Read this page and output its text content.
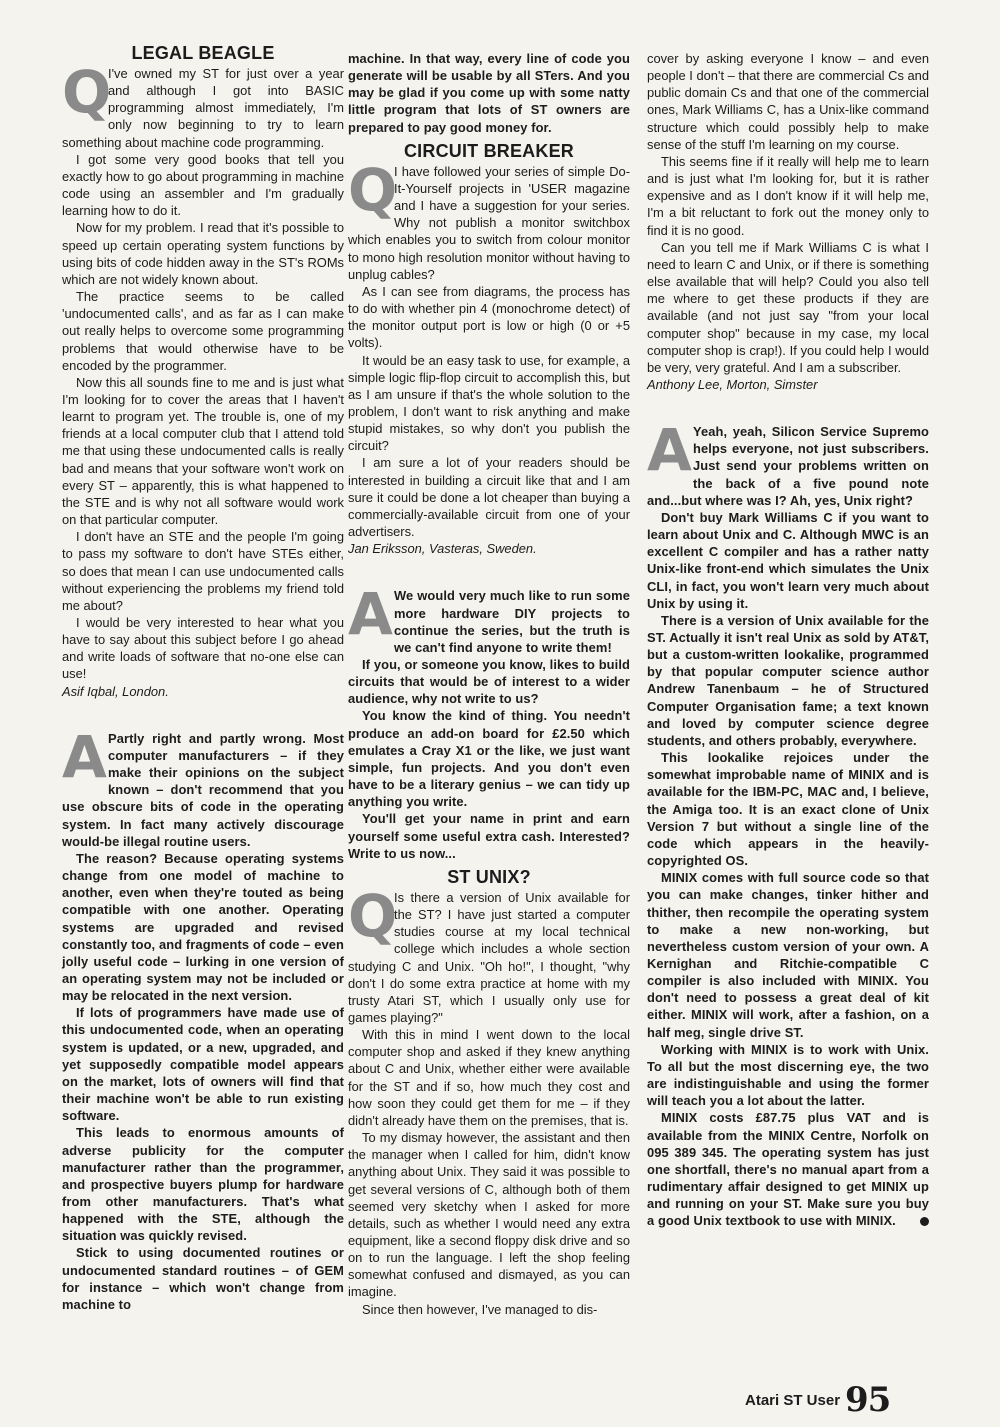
LEGAL BEAGLE
Q

I've owned my ST for just over a year and although I got into BASIC programming almost immediately, I'm only now beginning to try to learn something about machine code programming.

I got some very good books that tell you exactly how to go about programming in machine code using an assembler and I'm gradually learning how to do it.

Now for my problem. I read that it's possible to speed up certain operating system functions by using bits of code hidden away in the ST's ROMs which are not widely known about.

The practice seems to be called 'undocumented calls', and as far as I can make out really helps to overcome some programming problems that would otherwise have to be encoded by the programmer.

Now this all sounds fine to me and is just what I'm looking for to cover the areas that I haven't learnt to program yet. The trouble is, one of my friends at a local computer club that I attend told me that using these undocumented calls is really bad and means that your software won't work on every ST – apparently, this is what happened to the STE and is why not all software would work on that particular computer.

I don't have an STE and the people I'm going to pass my software to don't have STEs either, so does that mean I can use undocumented calls without experiencing the problems my friend told me about?

I would be very interested to hear what you have to say about this subject before I go ahead and write loads of software that no-one else can use!

Asif Iqbal, London.

A Partly right and partly wrong. Most computer manufacturers – if they make their opinions on the subject known – don't recommend that you use obscure bits of code in the operating system. In fact many actively discourage would-be illegal routine users.

The reason? Because operating systems change from one model of machine to another, even when they're touted as being compatible with one another. Operating systems are upgraded and revised constantly too, and fragments of code – even jolly useful code – lurking in one version of an operating system may not be included or may be relocated in the next version.

If lots of programmers have made use of this undocumented code, when an operating system is updated, or a new, upgraded, and yet supposedly compatible model appears on the market, lots of owners will find that their machine won't be able to run existing software.

This leads to enormous amounts of adverse publicity for the computer manufacturer rather than the programmer, and prospective buyers plump for hardware from other manufacturers. That's what happened with the STE, although the situation was quickly revised.

Stick to using documented routines or undocumented standard routines – of GEM for instance – which won't change from machine to

machine. In that way, every line of code you generate will be usable by all STers. And you may be glad if you come up with some natty little program that lots of ST owners are prepared to pay good money for.

CIRCUIT BREAKER
Q

I have followed your series of simple Do-It-Yourself projects in 'USER magazine and I have a suggestion for your series. Why not publish a monitor switchbox which enables you to switch from colour monitor to mono high resolution monitor without having to unplug cables?

As I can see from diagrams, the process has to do with whether pin 4 (monochrome detect) of the monitor output port is low or high (0 or +5 volts).

It would be an easy task to use, for example, a simple logic flip-flop circuit to accomplish this, but as I am unsure if that's the whole solution to the problem, I don't want to risk anything and make stupid mistakes, so why don't you publish the circuit?

I am sure a lot of your readers should be interested in building a circuit like that and I am sure it could be done a lot cheaper than buying a commercially-available circuit from one of your advertisers.

Jan Eriksson, Vasteras, Sweden.

A We would very much like to run some more hardware DIY projects to continue the series, but the truth is we can't find anyone to write them!

If you, or someone you know, likes to build circuits that would be of interest to a wider audience, why not write to us?

You know the kind of thing. You needn't produce an add-on board for £2.50 which emulates a Cray X1 or the like, we just want simple, fun projects. And you don't even have to be a literary genius – we can tidy up anything you write.

You'll get your name in print and earn yourself some useful extra cash. Interested? Write to us now...

ST UNIX?
Q

Is there a version of Unix available for the ST? I have just started a computer studies course at my local technical college which includes a whole section studying C and Unix. "Oh ho!", I thought, "why don't I do some extra practice at home with my trusty Atari ST, which I usually only use for games playing?"

With this in mind I went down to the local computer shop and asked if they knew anything about C and Unix, whether either were available for the ST and if so, how much they cost and how soon they could get them for me – if they didn't already have them on the premises, that is.

To my dismay however, the assistant and then the manager when I called for him, didn't know anything about Unix. They said it was possible to get several versions of C, although both of them seemed very sketchy when I asked for more details, such as whether I would need any extra equipment, like a second floppy disk drive and so on to run the language. I left the shop feeling somewhat confused and dismayed, as you can imagine.

Since then however, I've managed to dis-

cover by asking everyone I know – and even people I don't – that there are commercial Cs and public domain Cs and that one of the commercial ones, Mark Williams C, has a Unix-like command structure which could possibly help to make sense of the stuff I'm learning on my course.

This seems fine if it really will help me to learn and is just what I'm looking for, but it is rather expensive and as I don't know if it will help me, I'm a bit reluctant to fork out the money only to find it is no good.

Can you tell me if Mark Williams C is what I need to learn C and Unix, or if there is something else available that will help? Could you also tell me where to get these products if they are available (and not just say "from your local computer shop" because in my case, my local computer shop is crap!). If you could help I would be very, very grateful. And I am a subscriber.

Anthony Lee, Morton, Simster

A Yeah, yeah, Silicon Service Supremo helps everyone, not just subscribers. Just send your problems written on the back of a five pound note and...but where was I? Ah, yes, Unix right?

Don't buy Mark Williams C if you want to learn about Unix and C. Although MWC is an excellent C compiler and has a rather natty Unix-like front-end which simulates the Unix CLI, in fact, you won't learn very much about Unix by using it.

There is a version of Unix available for the ST. Actually it isn't real Unix as sold by AT&T, but a custom-written lookalike, programmed by that popular computer science author Andrew Tanenbaum – he of Structured Computer Organisation fame; a text known and loved by computer science degree students, and others probably, everywhere.

This lookalike rejoices under the somewhat improbable name of MINIX and is available for the IBM-PC, MAC and, I believe, the Amiga too. It is an exact clone of Unix Version 7 but without a single line of the code which appears in the heavily-copyrighted OS.

MINIX comes with full source code so that you can make changes, tinker hither and thither, then recompile the operating system to make a new non-working, but nevertheless custom version of your own. A Kernighan and Ritchie-compatible C compiler is also included with MINIX. You don't need to possess a great deal of kit either. MINIX will work, after a fashion, on a half meg, single drive ST.

Working with MINIX is to work with Unix. To all but the most discerning eye, the two are indistinguishable and using the former will teach you a lot about the latter.

MINIX costs £87.75 plus VAT and is available from the MINIX Centre, Norfolk on 095 389 345. The operating system has just one shortfall, there's no manual apart from a rudimentary affair designed to get MINIX up and running on your ST. Make sure you buy a good Unix textbook to use with MINIX.

Atari ST User 95
